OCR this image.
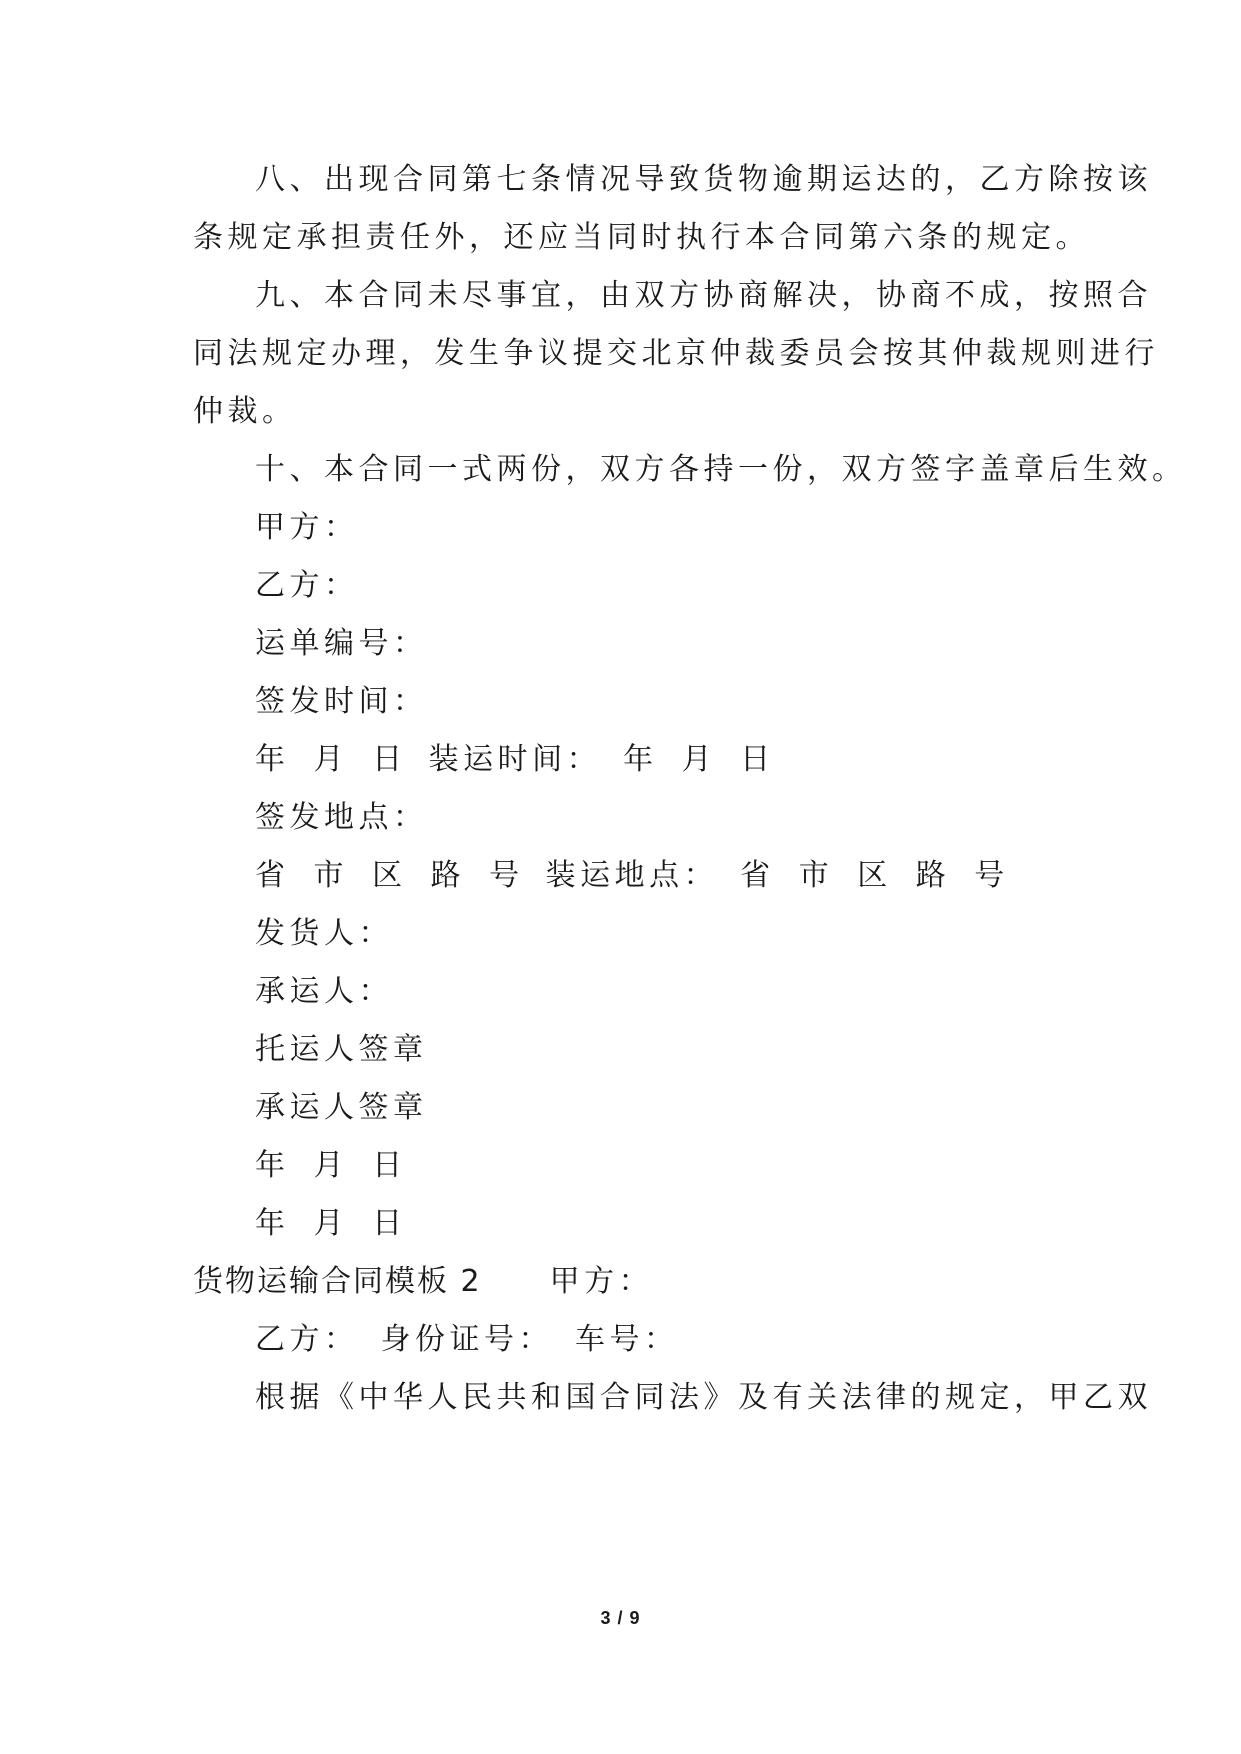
八、出现合同第七条情况导致货物逾期运达的，乙方除按该
条规定承担责任外，还应当同时执行本合同第六条的规定。
九、本合同未尽事宜，由双方协商解决，协商不成，按照合
同法规定办理，发生争议提交北京仲裁委员会按其仲裁规则进行
仲裁。
十、本合同一式两份，双方各持一份，双方签字盖章后生效。
甲方：
乙方：
运单编号：
签发时间：
年 月 日 装运时间： 年 月 日
签发地点：
省 市 区 路 号 装运地点： 省 市 区 路 号
发货人：
承运人：
托运人签章
承运人签章
年 月 日
年 月 日
货物运输合同模板 2 甲方：
乙方： 身份证号： 车号：
根据《中华人民共和国合同法》及有关法律的规定，甲乙双
3 / 9
